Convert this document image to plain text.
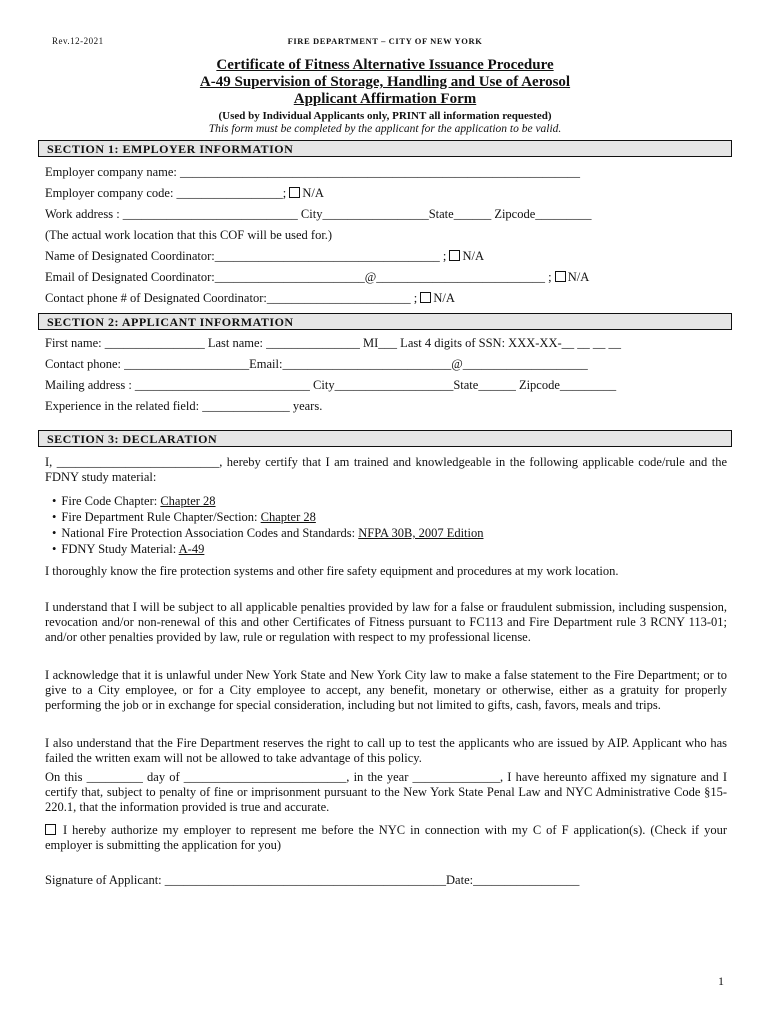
Rev.12-2021	FIRE DEPARTMENT – CITY OF NEW YORK
Certificate of Fitness Alternative Issuance Procedure
A-49 Supervision of Storage, Handling and Use of Aerosol
Applicant Affirmation Form
(Used by Individual Applicants only, PRINT all information requested)
This form must be completed by the applicant for the application to be valid.
SECTION 1: EMPLOYER INFORMATION
Employer company name: ________________________________________________________________
Employer company code: _________________; N/A
Work address : ____________________________ City_________________State______ Zipcode_________
(The actual work location that this COF will be used for.)
Name of Designated Coordinator:____________________________________ ; N/A
Email of Designated Coordinator:________________________@___________________________ ; N/A
Contact phone # of Designated Coordinator:_______________________ ; N/A
SECTION 2: APPLICANT INFORMATION
First name: ________________ Last name: _______________ MI___ Last 4 digits of SSN: XXX-XX-__ __ __ __
Contact phone: ____________________Email:___________________________@____________________
Mailing address : ____________________________ City___________________State______ Zipcode_________
Experience in the related field: ______________ years.
SECTION 3: DECLARATION
I, __________________________, hereby certify that I am trained and knowledgeable in the following applicable code/rule and the FDNY study material:
• Fire Code Chapter: Chapter 28
• Fire Department Rule Chapter/Section: Chapter 28
• National Fire Protection Association Codes and Standards: NFPA 30B, 2007 Edition
• FDNY Study Material: A-49
I thoroughly know the fire protection systems and other fire safety equipment and procedures at my work location.
I understand that I will be subject to all applicable penalties provided by law for a false or fraudulent submission, including suspension, revocation and/or non-renewal of this and other Certificates of Fitness pursuant to FC113 and Fire Department rule 3 RCNY 113-01; and/or other penalties provided by law, rule or regulation with respect to my professional license.
I acknowledge that it is unlawful under New York State and New York City law to make a false statement to the Fire Department; or to give to a City employee, or for a City employee to accept, any benefit, monetary or otherwise, either as a gratuity for properly performing the job or in exchange for special consideration, including but not limited to gifts, cash, favors, meals and trips.
I also understand that the Fire Department reserves the right to call up to test the applicants who are issued by AIP. Applicant who has failed the written exam will not be allowed to take advantage of this policy.
On this _________ day of __________________________, in the year ______________, I have hereunto affixed my signature and I certify that, subject to penalty of fine or imprisonment pursuant to the New York State Penal Law and NYC Administrative Code §15-220.1, that the information provided is true and accurate.
I hereby authorize my employer to represent me before the NYC in connection with my C of F application(s). (Check if your employer is submitting the application for you)
Signature of Applicant: _____________________________________________Date:_________________
1
